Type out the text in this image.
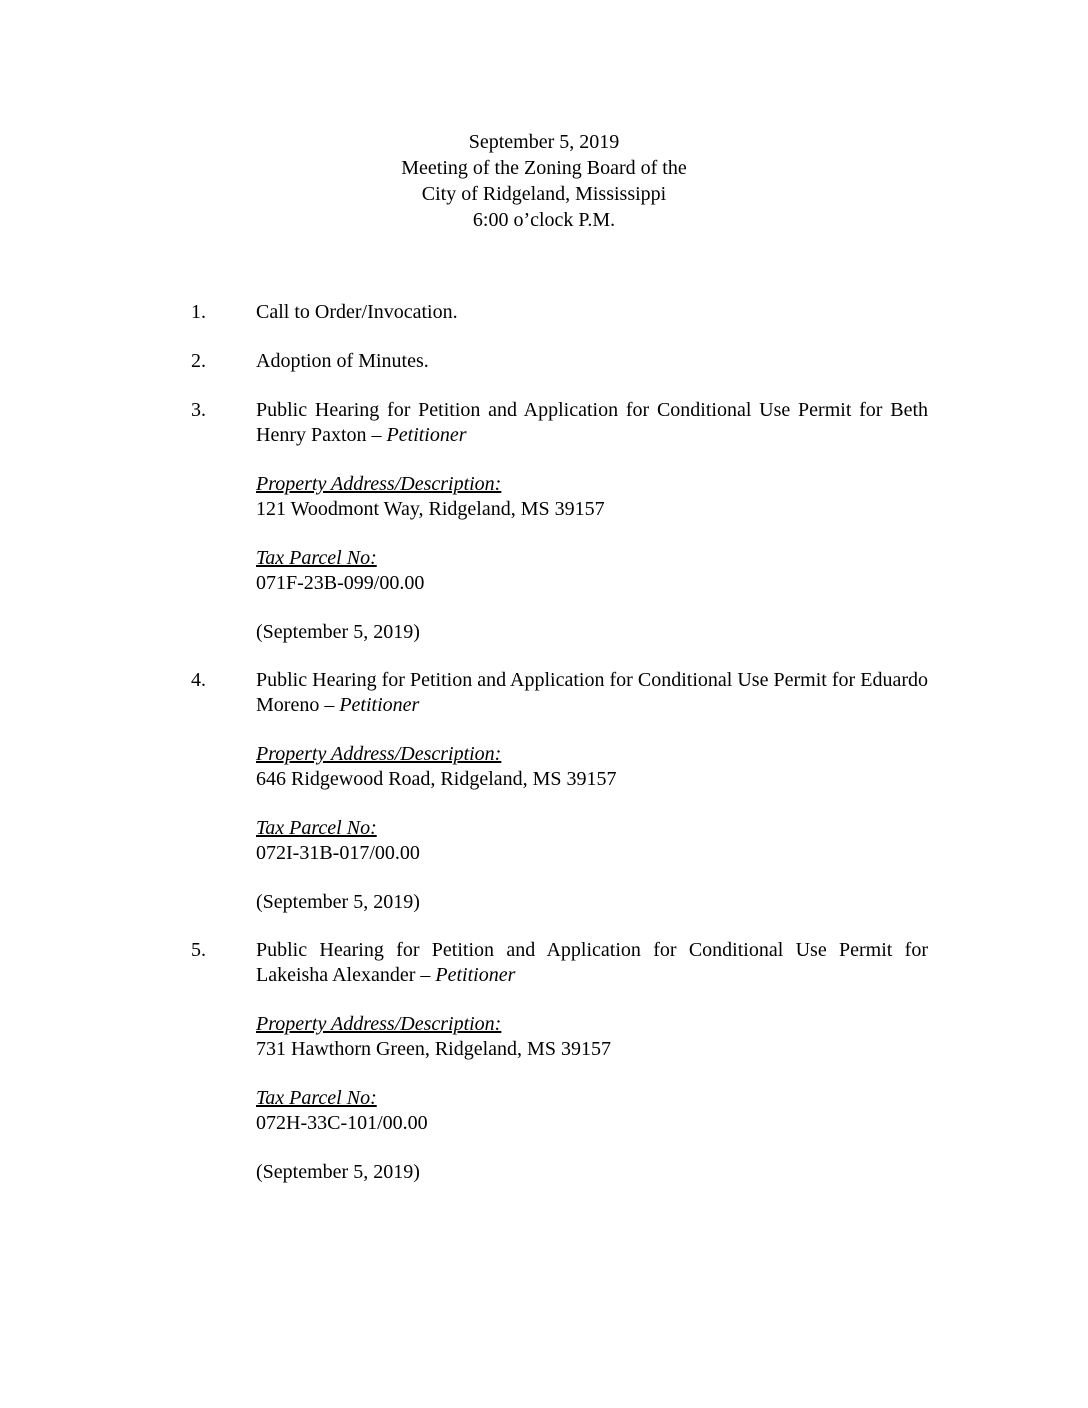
September 5, 2019
Meeting of the Zoning Board of the
City of Ridgeland, Mississippi
6:00 o’clock P.M.
1.	Call to Order/Invocation.
2.	Adoption of Minutes.
3.	Public Hearing for Petition and Application for Conditional Use Permit for Beth Henry Paxton – Petitioner
Property Address/Description:
121 Woodmont Way, Ridgeland, MS 39157
Tax Parcel No:
071F-23B-099/00.00
(September 5, 2019)
4.	Public Hearing for Petition and Application for Conditional Use Permit for Eduardo Moreno – Petitioner
Property Address/Description:
646 Ridgewood Road, Ridgeland, MS 39157
Tax Parcel No:
072I-31B-017/00.00
(September 5, 2019)
5.	Public Hearing for Petition and Application for Conditional Use Permit for Lakeisha Alexander – Petitioner
Property Address/Description:
731 Hawthorn Green, Ridgeland, MS 39157
Tax Parcel No:
072H-33C-101/00.00
(September 5, 2019)
